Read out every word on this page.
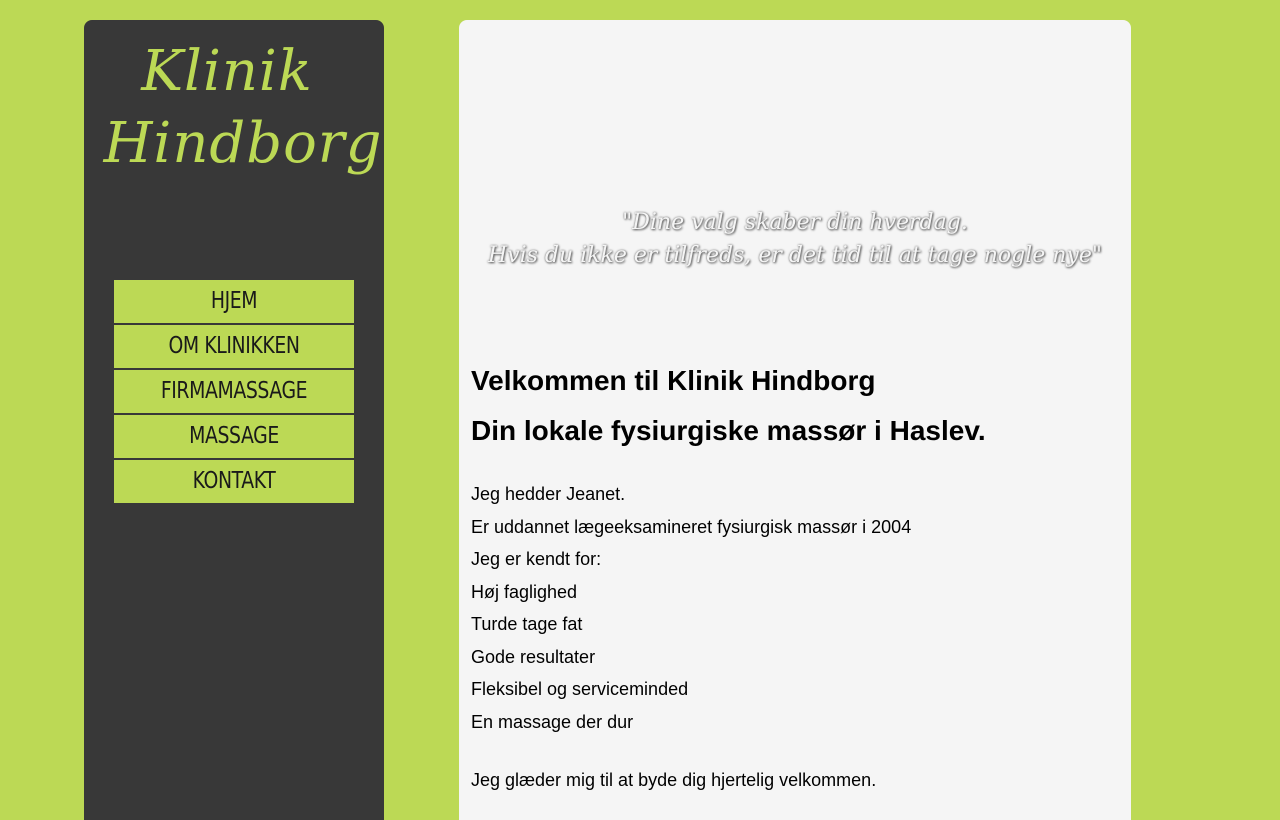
Klinik
Hindborg
HJEM
OM KLINIKKEN
FIRMAMASSAGE
MASSAGE
KONTAKT
"Dine valg skaber din hverdag.
Hvis du ikke er tilfreds, er det tid til at tage nogle nye"
Velkommen til Klinik Hindborg
Din lokale fysiurgiske massør i Haslev.

Jeg hedder Jeanet.

Er uddannet lægeeksamineret fysiurgisk massør i 2004

Jeg er kendt for:

Høj faglighed

Turde tage fat

Gode resultater

Fleksibel og serviceminded

En massage der dur

Jeg glæder mig til at byde dig hjertelig velkommen.
